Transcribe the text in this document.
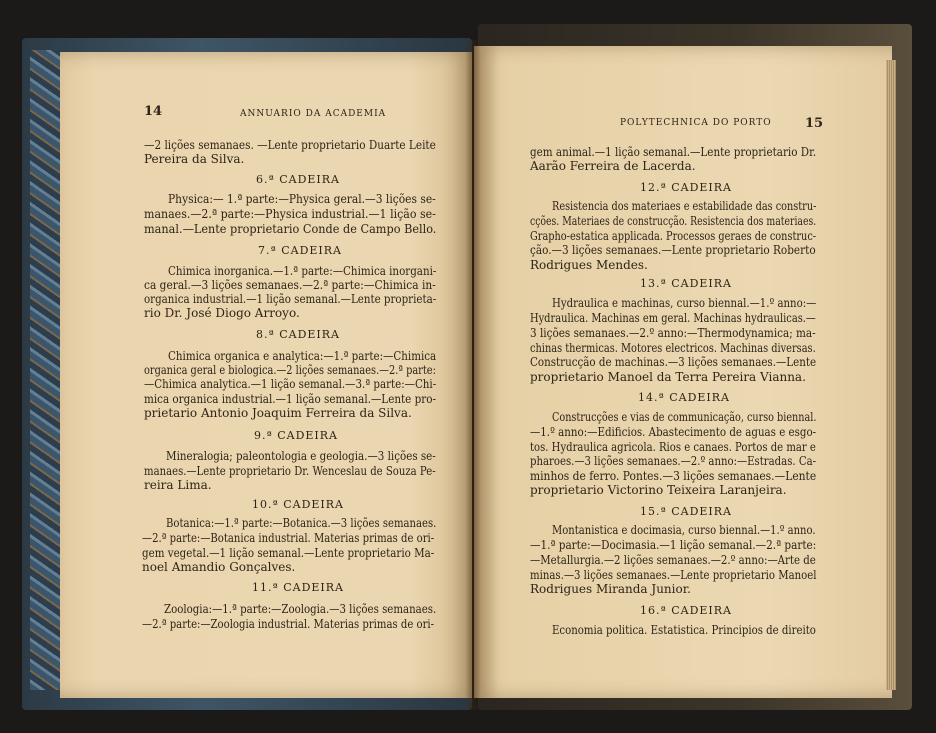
14	ANNUARIO DA ACADEMIA
15
POLYTECHNICA DO PORTO
—2 lições semanaes. —Lente proprietario Duarte Leite
Pereira da Silva.
6.ª CADEIRA
Physica:— 1.ª parte:—Physica geral.—3 lições se-
manaes.—2.ª parte:—Physica industrial.—1 lição se-
manal.—Lente proprietario Conde de Campo Bello.
7.ª CADEIRA
Chimica inorganica.—1.ª parte:—Chimica inorgani-
ca geral.—3 lições semanaes.—2.ª parte:—Chimica in-
organica industrial.—1 lição semanal.—Lente proprieta-
rio Dr. José Diogo Arroyo.
8.ª CADEIRA
Chimica organica e analytica:—1.ª parte:—Chimica
organica geral e biologica.—2 lições semanaes.—2.ª parte:
—Chimica analytica.—1 lição semanal.—3.ª parte:—Chi-
mica organica industrial.—1 lição semanal.—Lente pro-
prietario Antonio Joaquim Ferreira da Silva.
9.ª CADEIRA
Mineralogia; paleontologia e geologia.—3 lições se-
manaes.—Lente proprietario Dr. Wenceslau de Souza Pe-
reira Lima.
10.ª CADEIRA
Botanica:—1.ª parte:—Botanica.—3 lições semanaes.
—2.ª parte:—Botanica industrial. Materias primas de ori-
gem vegetal.—1 lição semanal.—Lente proprietario Ma-
noel Amandio Gonçalves.
11.ª CADEIRA
Zoologia:—1.ª parte:—Zoologia.—3 lições semanaes.
—2.ª parte:—Zoologia industrial. Materias primas de ori-
gem animal.—1 lição semanal.—Lente proprietario Dr.
Aarão Ferreira de Lacerda.
12.ª CADEIRA
Resistencia dos materiaes e estabilidade das constru-
cções. Materiaes de construcção. Resistencia dos materiaes.
Grapho-estatica applicada. Processos geraes de construc-
ção.—3 lições semanaes.—Lente proprietario Roberto
Rodrigues Mendes.
13.ª CADEIRA
Hydraulica e machinas, curso biennal.—1.º anno:—
Hydraulica. Machinas em geral. Machinas hydraulicas.—
3 lições semanaes.—2.º anno:—Thermodynamica; ma-
chinas thermicas. Motores electricos. Machinas diversas.
Construcção de machinas.—3 lições semanaes.—Lente
proprietario Manoel da Terra Pereira Vianna.
14.ª CADEIRA
Construcções e vias de communicação, curso biennal.
—1.º anno:—Edificios. Abastecimento de aguas e esgo-
tos. Hydraulica agricola. Rios e canaes. Portos de mar e
pharoes.—3 lições semanaes.—2.º anno:—Estradas. Ca-
minhos de ferro. Pontes.—3 lições semanaes.—Lente
proprietario Victorino Teixeira Laranjeira.
15.ª CADEIRA
Montanistica e docimasia, curso biennal.—1.º anno.
—1.ª parte:—Docimasia.—1 lição semanal.—2.ª parte:
—Metallurgia.—2 lições semanaes.—2.º anno:—Arte de
minas.—3 lições semanaes.—Lente proprietario Manoel
Rodrigues Miranda Junior.
16.ª CADEIRA
Economia politica. Estatistica. Principios de direito
